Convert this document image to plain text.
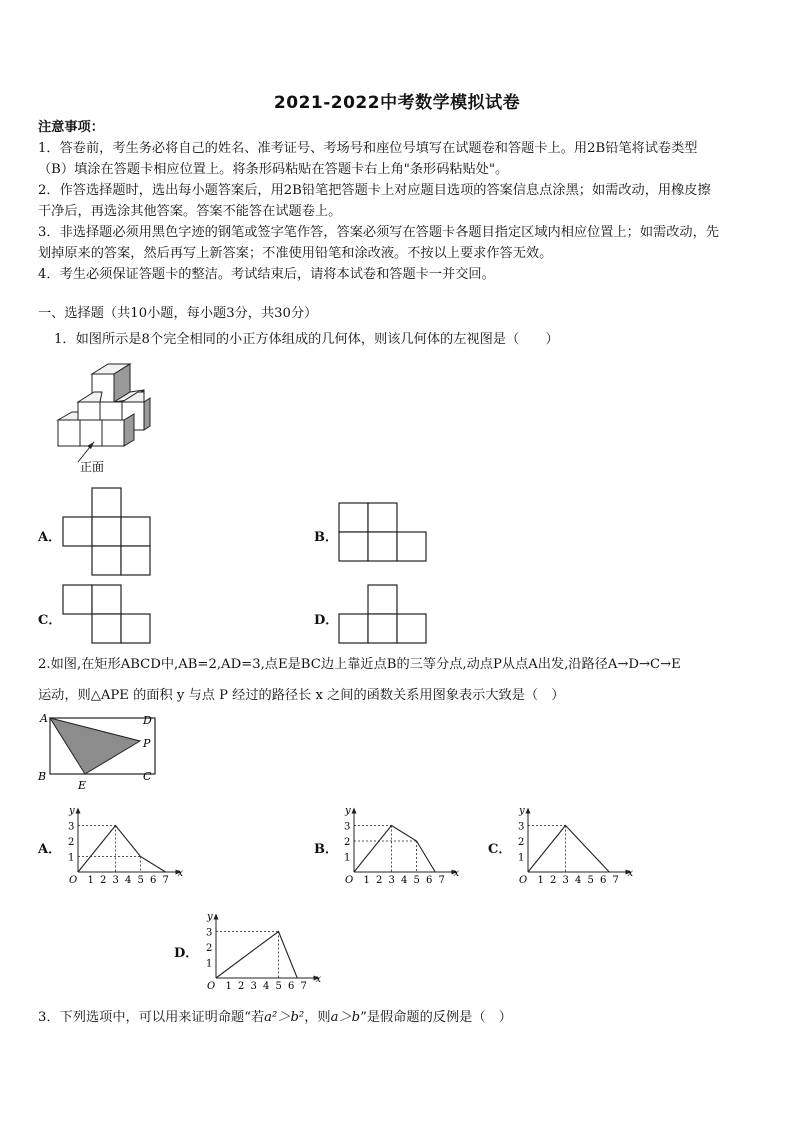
2021-2022中考数学模拟试卷
注意事项：
1．答卷前，考生务必将自己的姓名、准考证号、考场号和座位号填写在试题卷和答题卡上。用2B铅笔将试卷类型
（B）填涂在答题卡相应位置上。将条形码粘贴在答题卡右上角"条形码粘贴处"。
2．作答选择题时，选出每小题答案后，用2B铅笔把答题卡上对应题目选项的答案信息点涂黑；如需改动，用橡皮擦
干净后，再选涂其他答案。答案不能答在试题卷上。
3．非选择题必须用黑色字迹的钢笔或签字笔作答，答案必须写在答题卡各题目指定区域内相应位置上；如需改动，先
划掉原来的答案，然后再写上新答案；不准使用铅笔和涂改液。不按以上要求作答无效。
4．考生必须保证答题卡的整洁。考试结束后，请将本试卷和答题卡一并交回。
一、选择题（共10小题，每小题3分，共30分）
1．如图所示是8个完全相同的小正方体组成的几何体，则该几何体的左视图是（　　）
正面
A．	B．
C．	D．
2.如图,在矩形ABCD中,AB=2,AD=3,点E是BC边上靠近点B的三等分点,动点P从点A出发,沿路径A→D→C→E
运动，则△APE 的面积 y 与点 P 经过的路径长 x 之间的函数关系用图象表示大致是（　）
A	D
P
B	C
E
A．	B．	C．
D．
y
x
O 1 2 3 4 5 6 7
1
2
3
y
x
O 1 2 3 4 5 6 7
1
2
3
y
x
O 1 2 3 4 5 6 7
1
2
3
y
x
O 1 2 3 4 5 6 7
1
2
3
3．下列选项中，可以用来证明命题“若a²＞b²，则a＞b”是假命题的反例是（　）
